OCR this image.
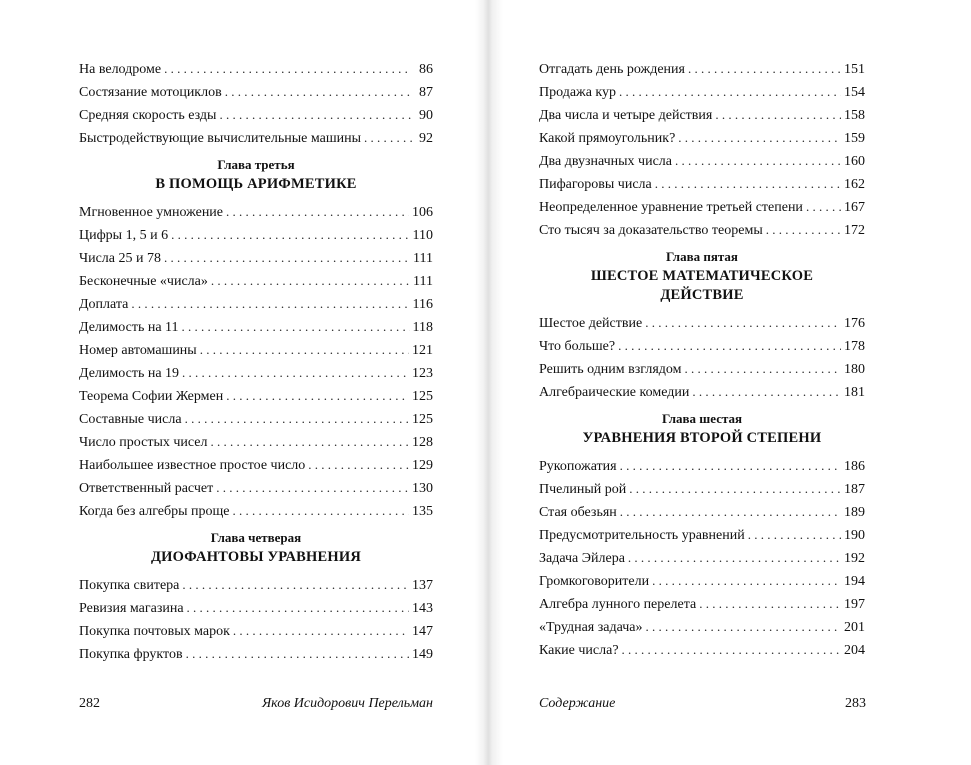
На велодроме . . .	86
Состязание мотоциклов . . .	87
Средняя скорость езды . . .	90
Быстродействующие вычислительные машины . . .	92
Глава третья
В ПОМОЩЬ АРИФМЕТИКЕ
Мгновенное умножение . . .	106
Цифры 1, 5 и 6 . . .	110
Числа 25 и 78 . . .	111
Бесконечные «числа» . . .	111
Доплата . . .	116
Делимость на 11 . . .	118
Номер автомашины . . .	121
Делимость на 19 . . .	123
Теорема Софии Жермен . . .	125
Составные числа . . .	125
Число простых чисел . . .	128
Наибольшее известное простое число . . .	129
Ответственный расчет . . .	130
Когда без алгебры проще . . .	135
Глава четверая
ДИОФАНТОВЫ УРАВНЕНИЯ
Покупка свитера . . .	137
Ревизия магазина . . .	143
Покупка почтовых марок . . .	147
Покупка фруктов . . .	149
282	Яков Исидорович Перельман
Отгадать день рождения . . .	151
Продажа кур . . .	154
Два числа и четыре действия . . .	158
Какой прямоугольник? . . .	159
Два двузначных числа . . .	160
Пифагоровы числа . . .	162
Неопределенное уравнение третьей степени . . .	167
Сто тысяч за доказательство теоремы . . .	172
Глава пятая
ШЕСТОЕ МАТЕМАТИЧЕСКОЕ
ДЕЙСТВИЕ
Шестое действие . . .	176
Что больше? . . .	178
Решить одним взглядом . . .	180
Алгебраические комедии . . .	181
Глава шестая
УРАВНЕНИЯ ВТОРОЙ СТЕПЕНИ
Рукопожатия . . .	186
Пчелиный рой . . .	187
Стая обезьян . . .	189
Предусмотрительность уравнений . . .	190
Задача Эйлера . . .	192
Громкоговорители . . .	194
Алгебра лунного перелета . . .	197
«Трудная задача» . . .	201
Какие числа? . . .	204
Содержание	283
